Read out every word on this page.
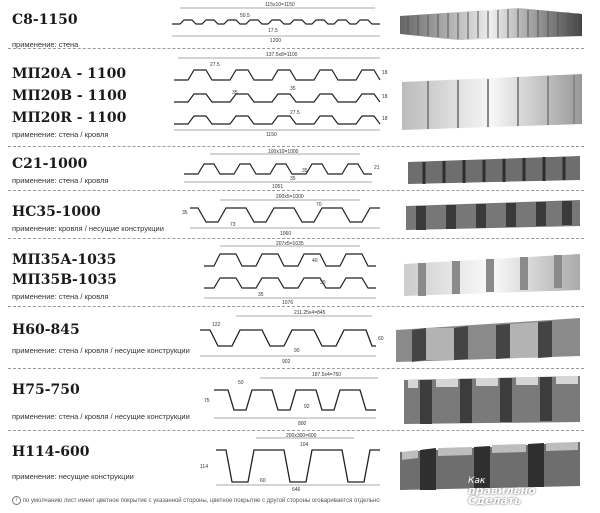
С8-1150
применение: стена
115х10=1150
50.5
17.5
1200
МП20А - 1100
МП20В - 1100
МП20R - 1100
применение: стена / кровля
137.5х8=1100
27.5
18
35
35
18
27.5
18
1150
С21-1000
применение: стена / кровля
100х10=1000
35
35	21
1051
НС35-1000
применение: кровля / несущие конструкции
200х5=1000
35
70
73
1060
МП35А-1035
МП35В-1035
применение: стена / кровля
207х5=1035
40
35
30
1076
Н60-845
применение: стена / кровля / несущие конструкции
211.25х4=845
122
60
90
902
Н75-750
применение: стена / кровля / несущие конструкции
187.5х4=750
50
75
92
800
Н114-600
применение: несущие конструкции
200х300=600
104
114
60
646
i по умолчанию лист имеет цветное покрытие с указанной стороны, цветное покрытие с другой стороны оговаривается отдельно
Как
правильно
Сделать
